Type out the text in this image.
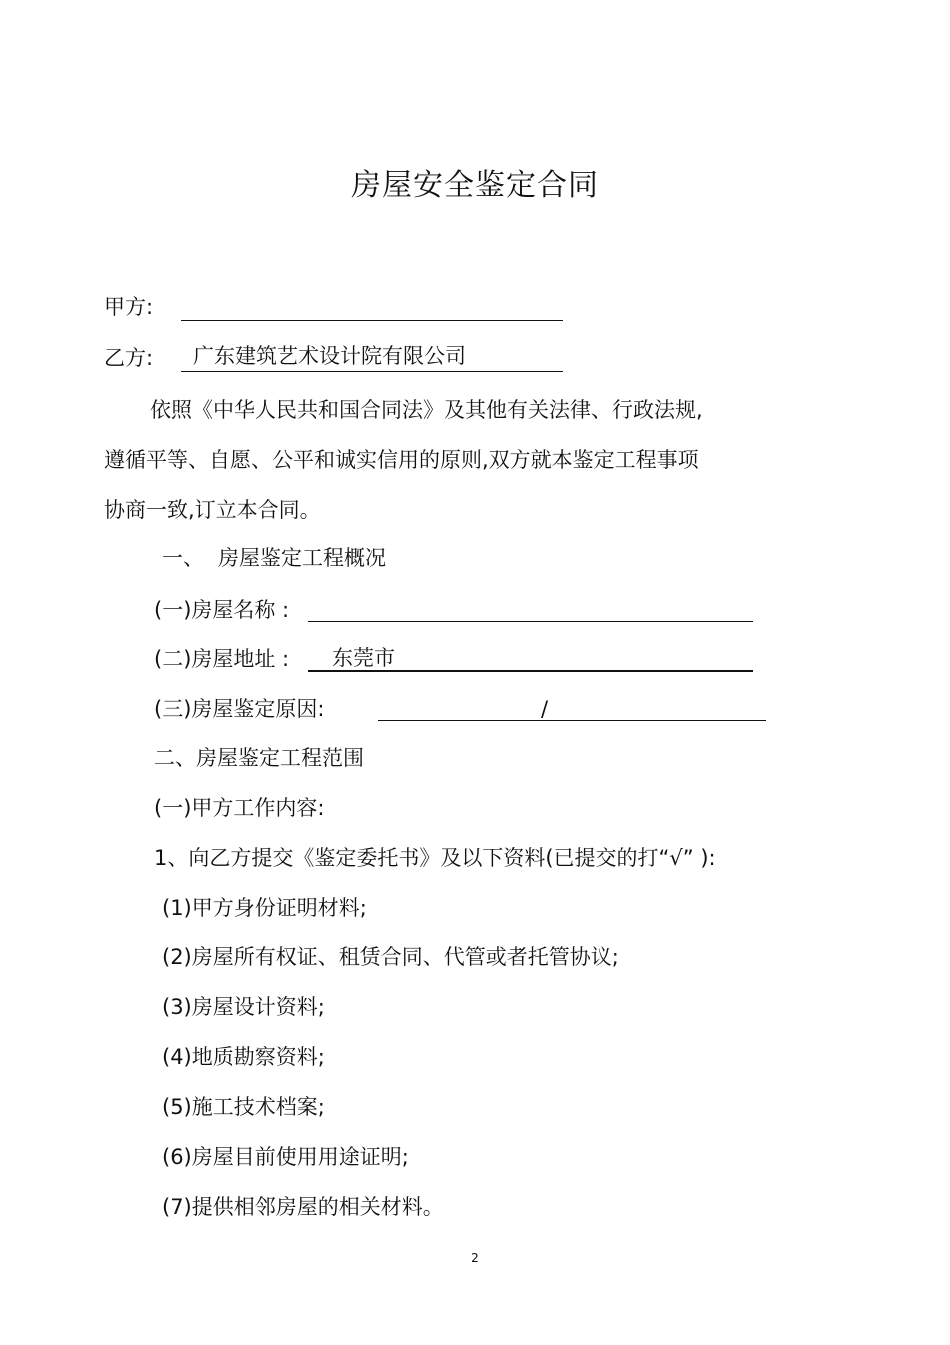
房屋安全鉴定合同
甲方:
乙方: 广东建筑艺术设计院有限公司
依照《中华人民共和国合同法》及其他有关法律、行政法规,
遵循平等、自愿、公平和诚实信用的原则,双方就本鉴定工程事项
协商一致,订立本合同。
一、 房屋鉴定工程概况
(一)房屋名称 :
(二)房屋地址 : 东莞市
(三)房屋鉴定原因:	/
二、房屋鉴定工程范围
(一)甲方工作内容:
1、向乙方提交《鉴定委托书》及以下资料(已提交的打“√” ):
(1)甲方身份证明材料;
(2)房屋所有权证、租赁合同、代管或者托管协议;
(3)房屋设计资料;
(4)地质勘察资料;
(5)施工技术档案;
(6)房屋目前使用用途证明;
(7)提供相邻房屋的相关材料。
2
